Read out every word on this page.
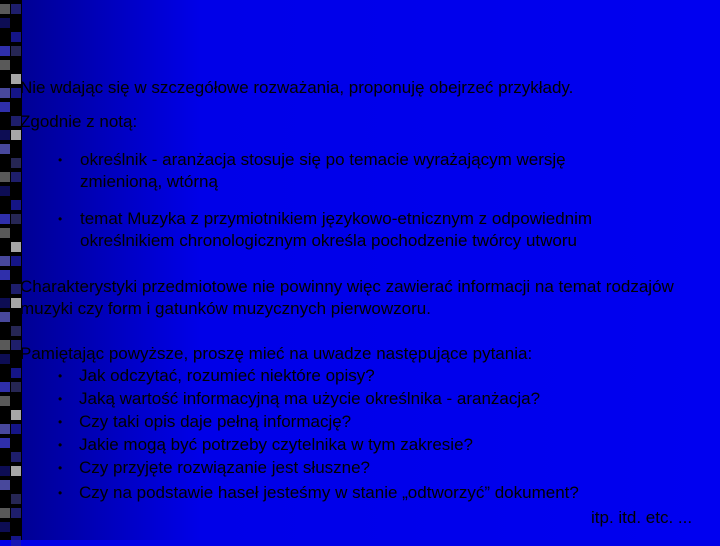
Nie wdając się w szczegółowe rozważania, proponuję obejrzeć przykłady.
Zgodnie z notą:
• określnik - aranżacja stosuje się po temacie wyrażającym wersję zmienioną, wtórną
• temat Muzyka z przymiotnikiem językowo-etnicznym z odpowiednim określnikiem chronologicznym określa pochodzenie twórcy utworu
Charakterystyki przedmiotowe nie powinny więc zawierać informacji na temat rodzajów muzyki czy form i gatunków muzycznych pierwowzoru.
Pamiętając powyższe, proszę mieć na uwadze następujące pytania:
• Jak odczytać, rozumieć niektóre opisy?
• Jaką wartość informacyjną ma użycie określnika - aranżacja?
• Czy taki opis daje pełną informację?
• Jakie mogą być potrzeby czytelnika w tym zakresie?
• Czy przyjęte rozwiązanie jest słuszne?
• Czy na podstawie haseł jesteśmy w stanie „odtworzyć” dokument?
itp. itd. etc. ...
